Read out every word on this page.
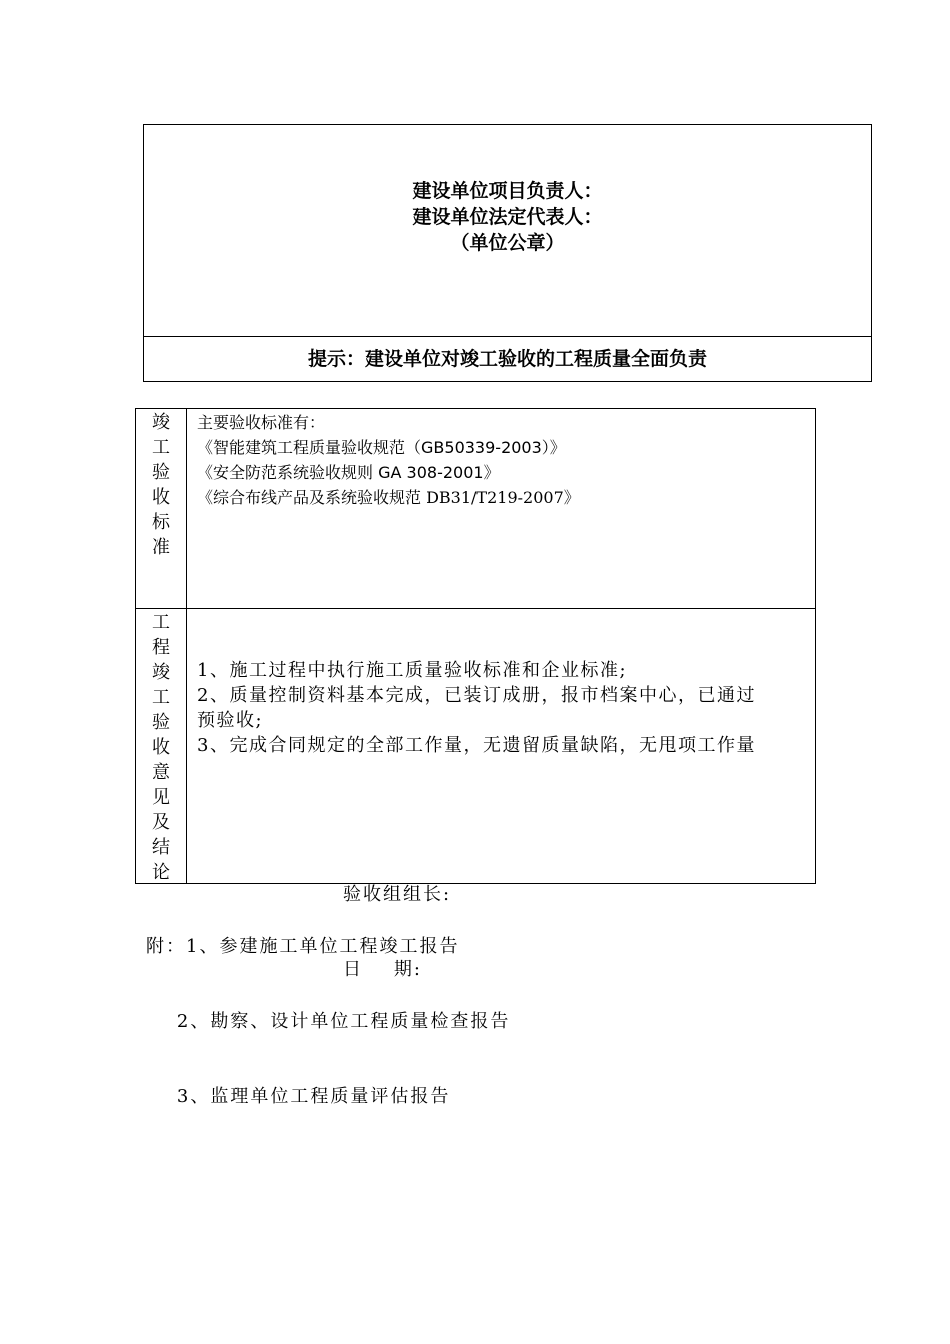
建设单位项目负责人：
建设单位法定代表人：
（单位公章）
提示：建设单位对竣工验收的工程质量全面负责
竣
工
验
收
标
准
主要验收标准有：
《智能建筑工程质量验收规范（GB50339-2003）》
《安全防范系统验收规则 GA 308-2001》
《综合布线产品及系统验收规范 DB31/T219-2007》
工
程
竣
工
验
收
意
见
及
结
论
1、施工过程中执行施工质量验收标准和企业标准;
2、质量控制资料基本完成，已装订成册，报市档案中心，已通过
预验收;
3、完成合同规定的全部工作量，无遗留质量缺陷，无甩项工作量

验收组组长:

日    期:

附：1、参建施工单位工程竣工报告

2、勘察、设计单位工程质量检查报告

3、监理单位工程质量评估报告
